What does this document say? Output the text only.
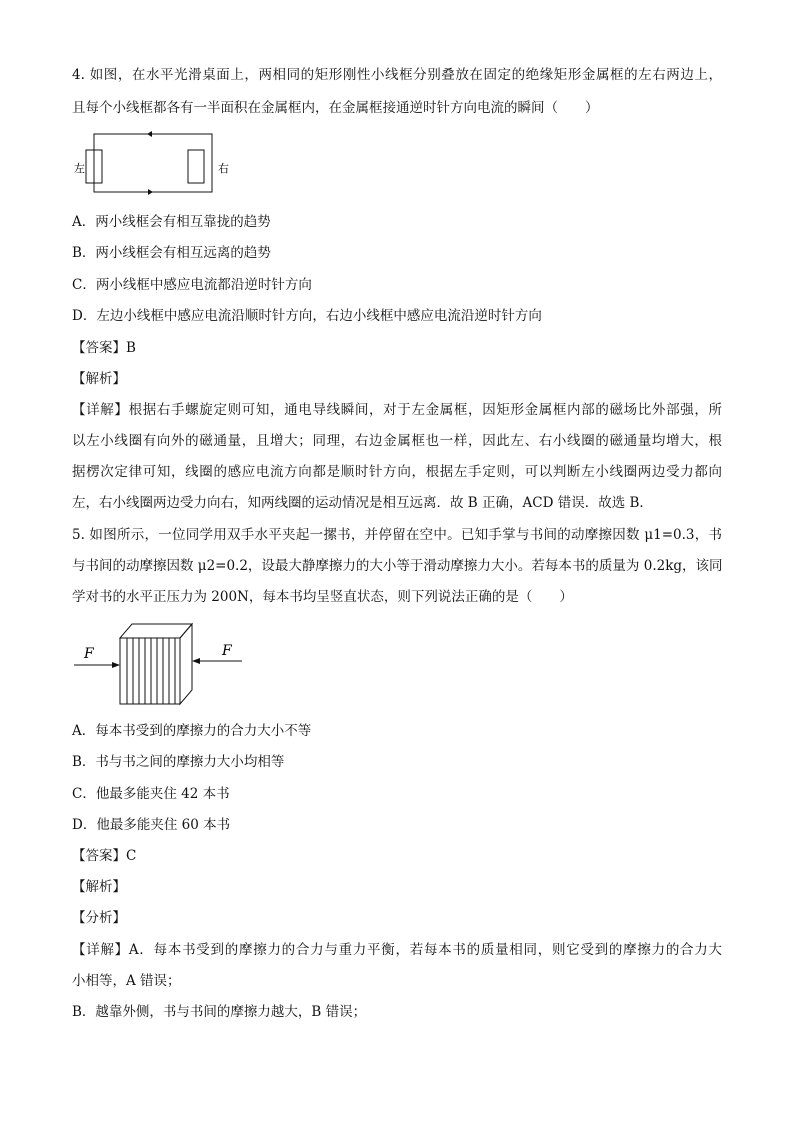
4. 如图，在水平光滑桌面上，两相同的矩形刚性小线框分别叠放在固定的绝缘矩形金属框的左右两边上，
且每个小线框都各有一半面积在金属框内，在金属框接通逆时针方向电流的瞬间（　　）
左	右
A．两小线框会有相互靠拢的趋势
B．两小线框会有相互远离的趋势
C．两小线框中感应电流都沿逆时针方向
D．左边小线框中感应电流沿顺时针方向，右边小线框中感应电流沿逆时针方向
【答案】B
【解析】
【详解】根据右手螺旋定则可知，通电导线瞬间，对于左金属框，因矩形金属框内部的磁场比外部强，所
以左小线圈有向外的磁通量，且增大；同理，右边金属框也一样，因此左、右小线圈的磁通量均增大，根
据楞次定律可知，线圈的感应电流方向都是顺时针方向，根据左手定则，可以判断左小线圈两边受力都向
左，右小线圈两边受力向右，知两线圈的运动情况是相互远离．故 B 正确，ACD 错误．故选 B．
5. 如图所示，一位同学用双手水平夹起一摞书，并停留在空中。已知手掌与书间的动摩擦因数 μ1=0.3，书
与书间的动摩擦因数 μ2=0.2，设最大静摩擦力的大小等于滑动摩擦力大小。若每本书的质量为 0.2kg，该同
学对书的水平正压力为 200N，每本书均呈竖直状态，则下列说法正确的是（　　）
F	F
A．每本书受到的摩擦力的合力大小不等
B．书与书之间的摩擦力大小均相等
C．他最多能夹住 42 本书
D．他最多能夹住 60 本书
【答案】C
【解析】
【分析】
【详解】A．每本书受到的摩擦力的合力与重力平衡，若每本书的质量相同，则它受到的摩擦力的合力大
小相等，A 错误；
B．越靠外侧，书与书间的摩擦力越大，B 错误；
